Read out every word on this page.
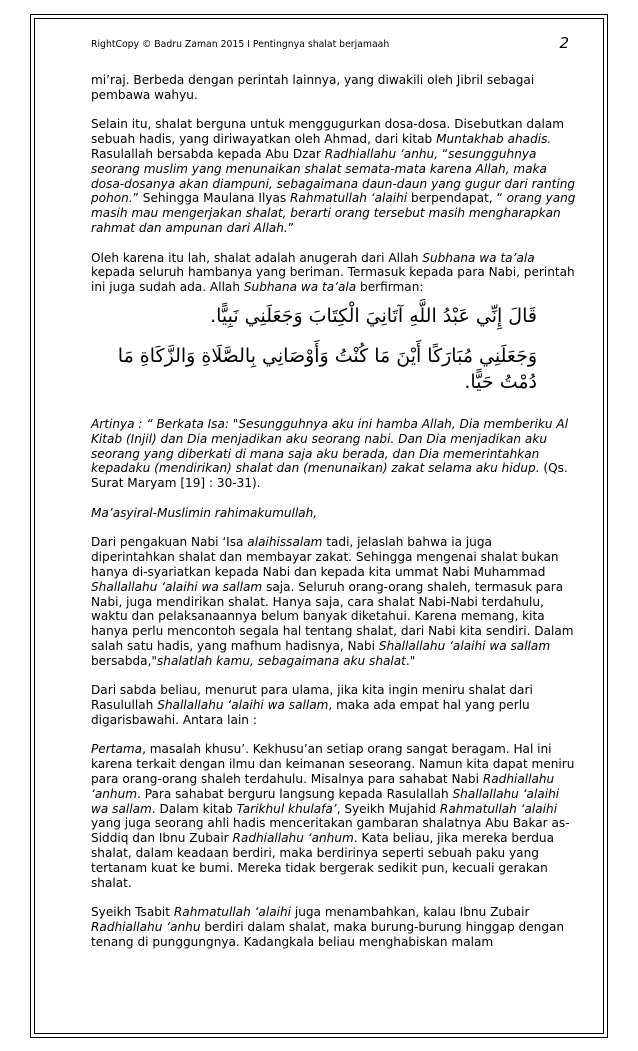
RightCopy © Badru Zaman 2015 I Pentingnya shalat berjamaah	2

mi’raj. Berbeda dengan perintah lainnya, yang diwakili oleh Jibril sebagai pembawa wahyu.

Selain itu, shalat berguna untuk menggugurkan dosa-dosa. Disebutkan dalam sebuah hadis, yang diriwayatkan oleh Ahmad, dari kitab Muntakhab ahadis. Rasulallah bersabda kepada Abu Dzar Radhiallahu ‘anhu, “sesungguhnya seorang muslim yang menunaikan shalat semata-mata karena Allah, maka dosa-dosanya akan diampuni, sebagaimana daun-daun yang gugur dari ranting pohon.” Sehingga Maulana Ilyas Rahmatullah ‘alaihi berpendapat, “ orang yang masih mau mengerjakan shalat, berarti orang tersebut masih mengharapkan rahmat dan ampunan dari Allah.”

Oleh karena itu lah, shalat adalah anugerah dari Allah Subhana wa ta’ala kepada seluruh hambanya yang beriman. Termasuk kepada para Nabi, perintah ini juga sudah ada. Allah Subhana wa ta’ala berfirman:

قَالَ إِنِّي عَبْدُ اللَّهِ آتَانِيَ الْكِتَابَ وَجَعَلَنِي نَبِيًّا.
وَجَعَلَنِي مُبَارَكًا أَيْنَ مَا كُنْتُ وَأَوْصَانِي بِالصَّلَاةِ وَالزَّكَاةِ مَا دُمْتُ حَيًّا.

Artinya : “ Berkata Isa: "Sesungguhnya aku ini hamba Allah, Dia memberiku Al Kitab (Injil) dan Dia menjadikan aku seorang nabi. Dan Dia menjadikan aku seorang yang diberkati di mana saja aku berada, dan Dia memerintahkan kepadaku (mendirikan) shalat dan (menunaikan) zakat selama aku hidup. (Qs. Surat Maryam [19] : 30-31).

Ma’asyiral-Muslimin rahimakumullah,

Dari pengakuan Nabi ‘Isa alaihissalam tadi, jelaslah bahwa ia juga diperintahkan shalat dan membayar zakat. Sehingga mengenai shalat bukan hanya di-syariatkan kepada Nabi dan kepada kita ummat Nabi Muhammad Shallallahu ‘alaihi wa sallam saja. Seluruh orang-orang shaleh, termasuk para Nabi, juga mendirikan shalat. Hanya saja, cara shalat Nabi-Nabi terdahulu, waktu dan pelaksanaannya belum banyak diketahui. Karena memang, kita hanya perlu mencontoh segala hal tentang shalat, dari Nabi kita sendiri. Dalam salah satu hadis, yang mafhum hadisnya, Nabi Shallallahu ‘alaihi wa sallam bersabda,"shalatlah kamu, sebagaimana aku shalat."

Dari sabda beliau, menurut para ulama, jika kita ingin meniru shalat dari Rasulullah Shallallahu ‘alaihi wa sallam, maka ada empat hal yang perlu digarisbawahi. Antara lain :

Pertama, masalah khusu’. Kekhusu’an setiap orang sangat beragam. Hal ini karena terkait dengan ilmu dan keimanan seseorang. Namun kita dapat meniru para orang-orang shaleh terdahulu. Misalnya para sahabat Nabi Radhiallahu ‘anhum. Para sahabat berguru langsung kepada Rasulallah Shallallahu ‘alaihi wa sallam. Dalam kitab Tarikhul khulafa’, Syeikh Mujahid Rahmatullah ‘alaihi yang juga seorang ahli hadis menceritakan gambaran shalatnya Abu Bakar as-Siddiq dan Ibnu Zubair Radhiallahu ‘anhum. Kata beliau, jika mereka berdua shalat, dalam keadaan berdiri, maka berdirinya seperti sebuah paku yang tertanam kuat ke bumi. Mereka tidak bergerak sedikit pun, kecuali gerakan shalat.

Syeikh Tsabit Rahmatullah ‘alaihi juga menambahkan, kalau Ibnu Zubair Radhiallahu ‘anhu berdiri dalam shalat, maka burung-burung hinggap dengan tenang di punggungnya. Kadangkala beliau menghabiskan malam
